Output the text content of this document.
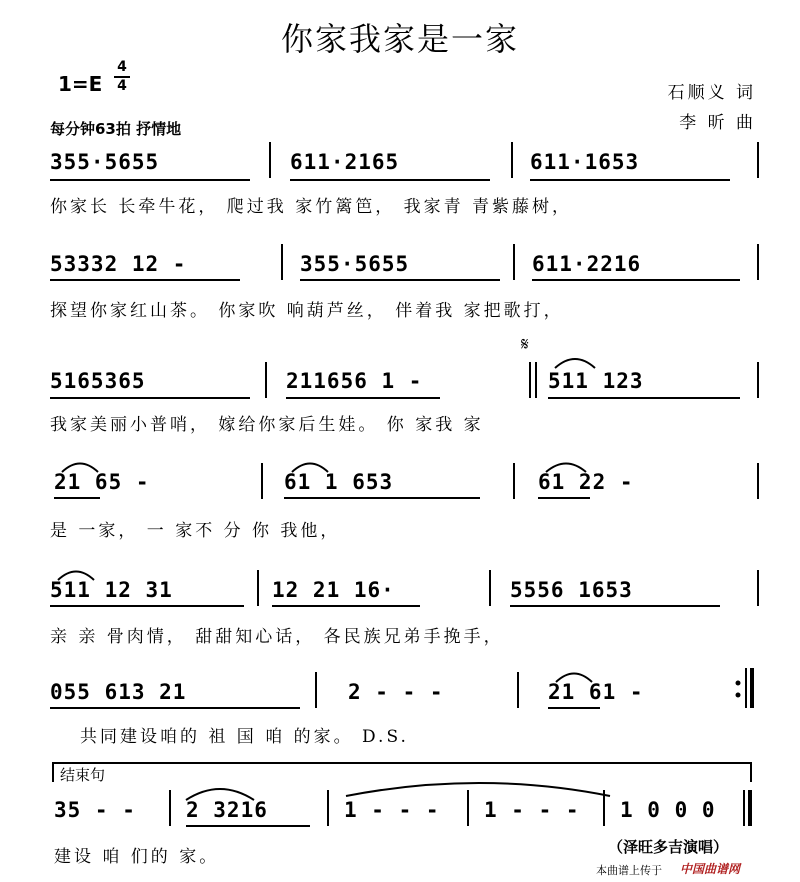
你家我家是一家
1=E
4
4
每分钟63拍 抒情地
石顺义 词
李 昕 曲
355·5655	611·2165	611·1653
你家长 长牵牛花， 爬过我 家竹篱笆， 我家青 青紫藤树，
53332 12 -	355·5655	611·2216
探望你家红山茶。 你家吹 响葫芦丝， 伴着我 家把歌打，
5165365	211656 1 -	511 123
我家美丽小普哨， 嫁给你家后生娃。 你 家我 家
21 65 -	61 1 653	61 22 -
是 一家， 一 家不 分 你 我他，
511 12 31	12 21 16·	5556 1653
亲 亲 骨肉情， 甜甜知心话， 各民族兄弟手挽手，
055 613 21	2 - - -	21 61 -
共同建设咱的 祖 国 咱 的家。 D.S.
结束句
35 - - 2 3216	1 - - - 1 - - - 1 0 0 0
建设 咱 们的 家。	（泽旺多吉演唱）
本曲谱上传于 中国曲谱网
𝄋
